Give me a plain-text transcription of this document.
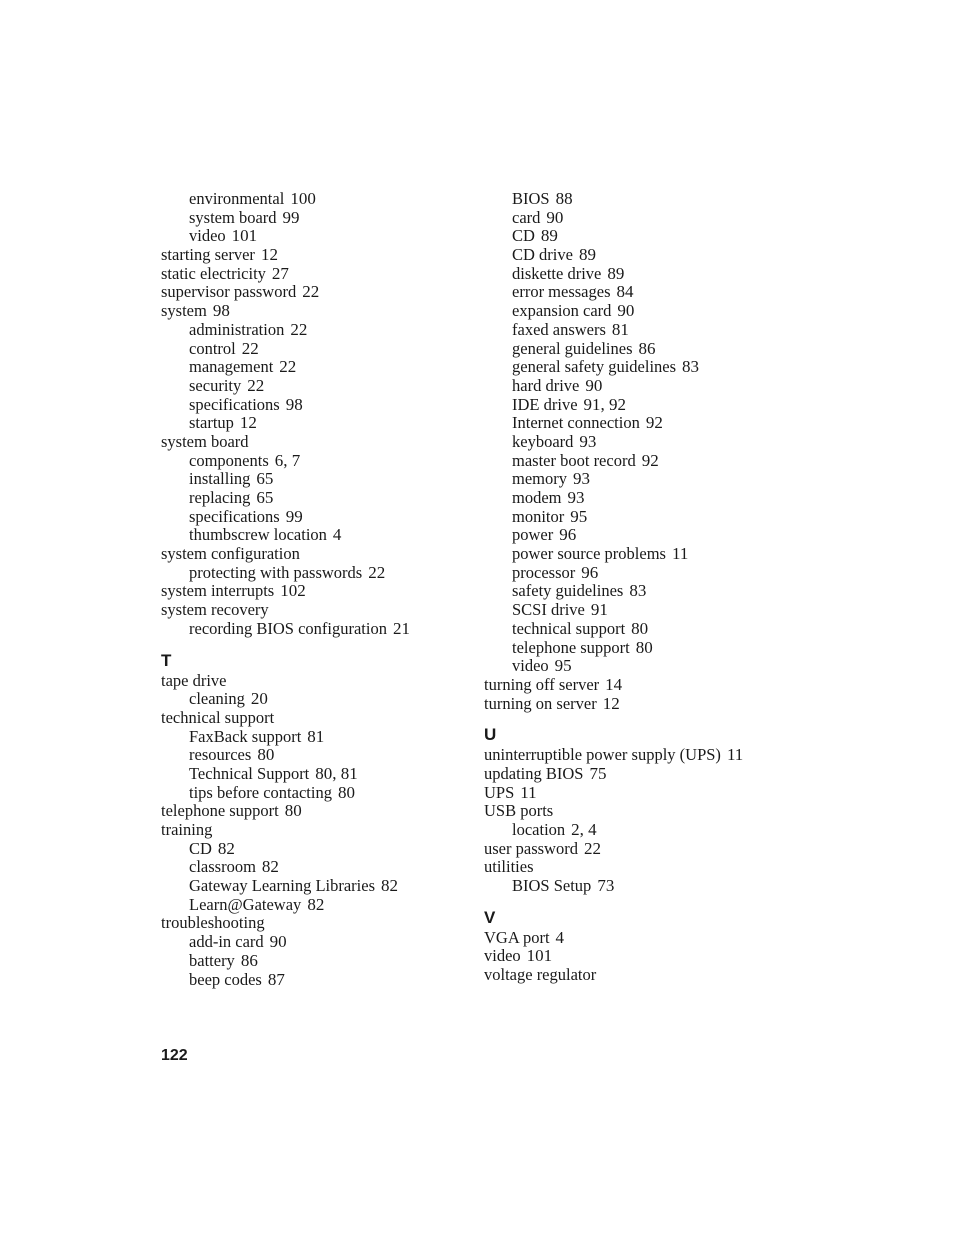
environmental 100
system board 99
video 101
starting server 12
static electricity 27
supervisor password 22
system 98
administration 22
control 22
management 22
security 22
specifications 98
startup 12
system board
components 6, 7
installing 65
replacing 65
specifications 99
thumbscrew location 4
system configuration
protecting with passwords 22
system interrupts 102
system recovery
recording BIOS configuration 21
T
tape drive
cleaning 20
technical support
FaxBack support 81
resources 80
Technical Support 80, 81
tips before contacting 80
telephone support 80
training
CD 82
classroom 82
Gateway Learning Libraries 82
Learn@Gateway 82
troubleshooting
add-in card 90
battery 86
beep codes 87
BIOS 88
card 90
CD 89
CD drive 89
diskette drive 89
error messages 84
expansion card 90
faxed answers 81
general guidelines 86
general safety guidelines 83
hard drive 90
IDE drive 91, 92
Internet connection 92
keyboard 93
master boot record 92
memory 93
modem 93
monitor 95
power 96
power source problems 11
processor 96
safety guidelines 83
SCSI drive 91
technical support 80
telephone support 80
video 95
turning off server 14
turning on server 12
U
uninterruptible power supply (UPS) 11
updating BIOS 75
UPS 11
USB ports
location 2, 4
user password 22
utilities
BIOS Setup 73
V
VGA port 4
video 101
voltage regulator
122
